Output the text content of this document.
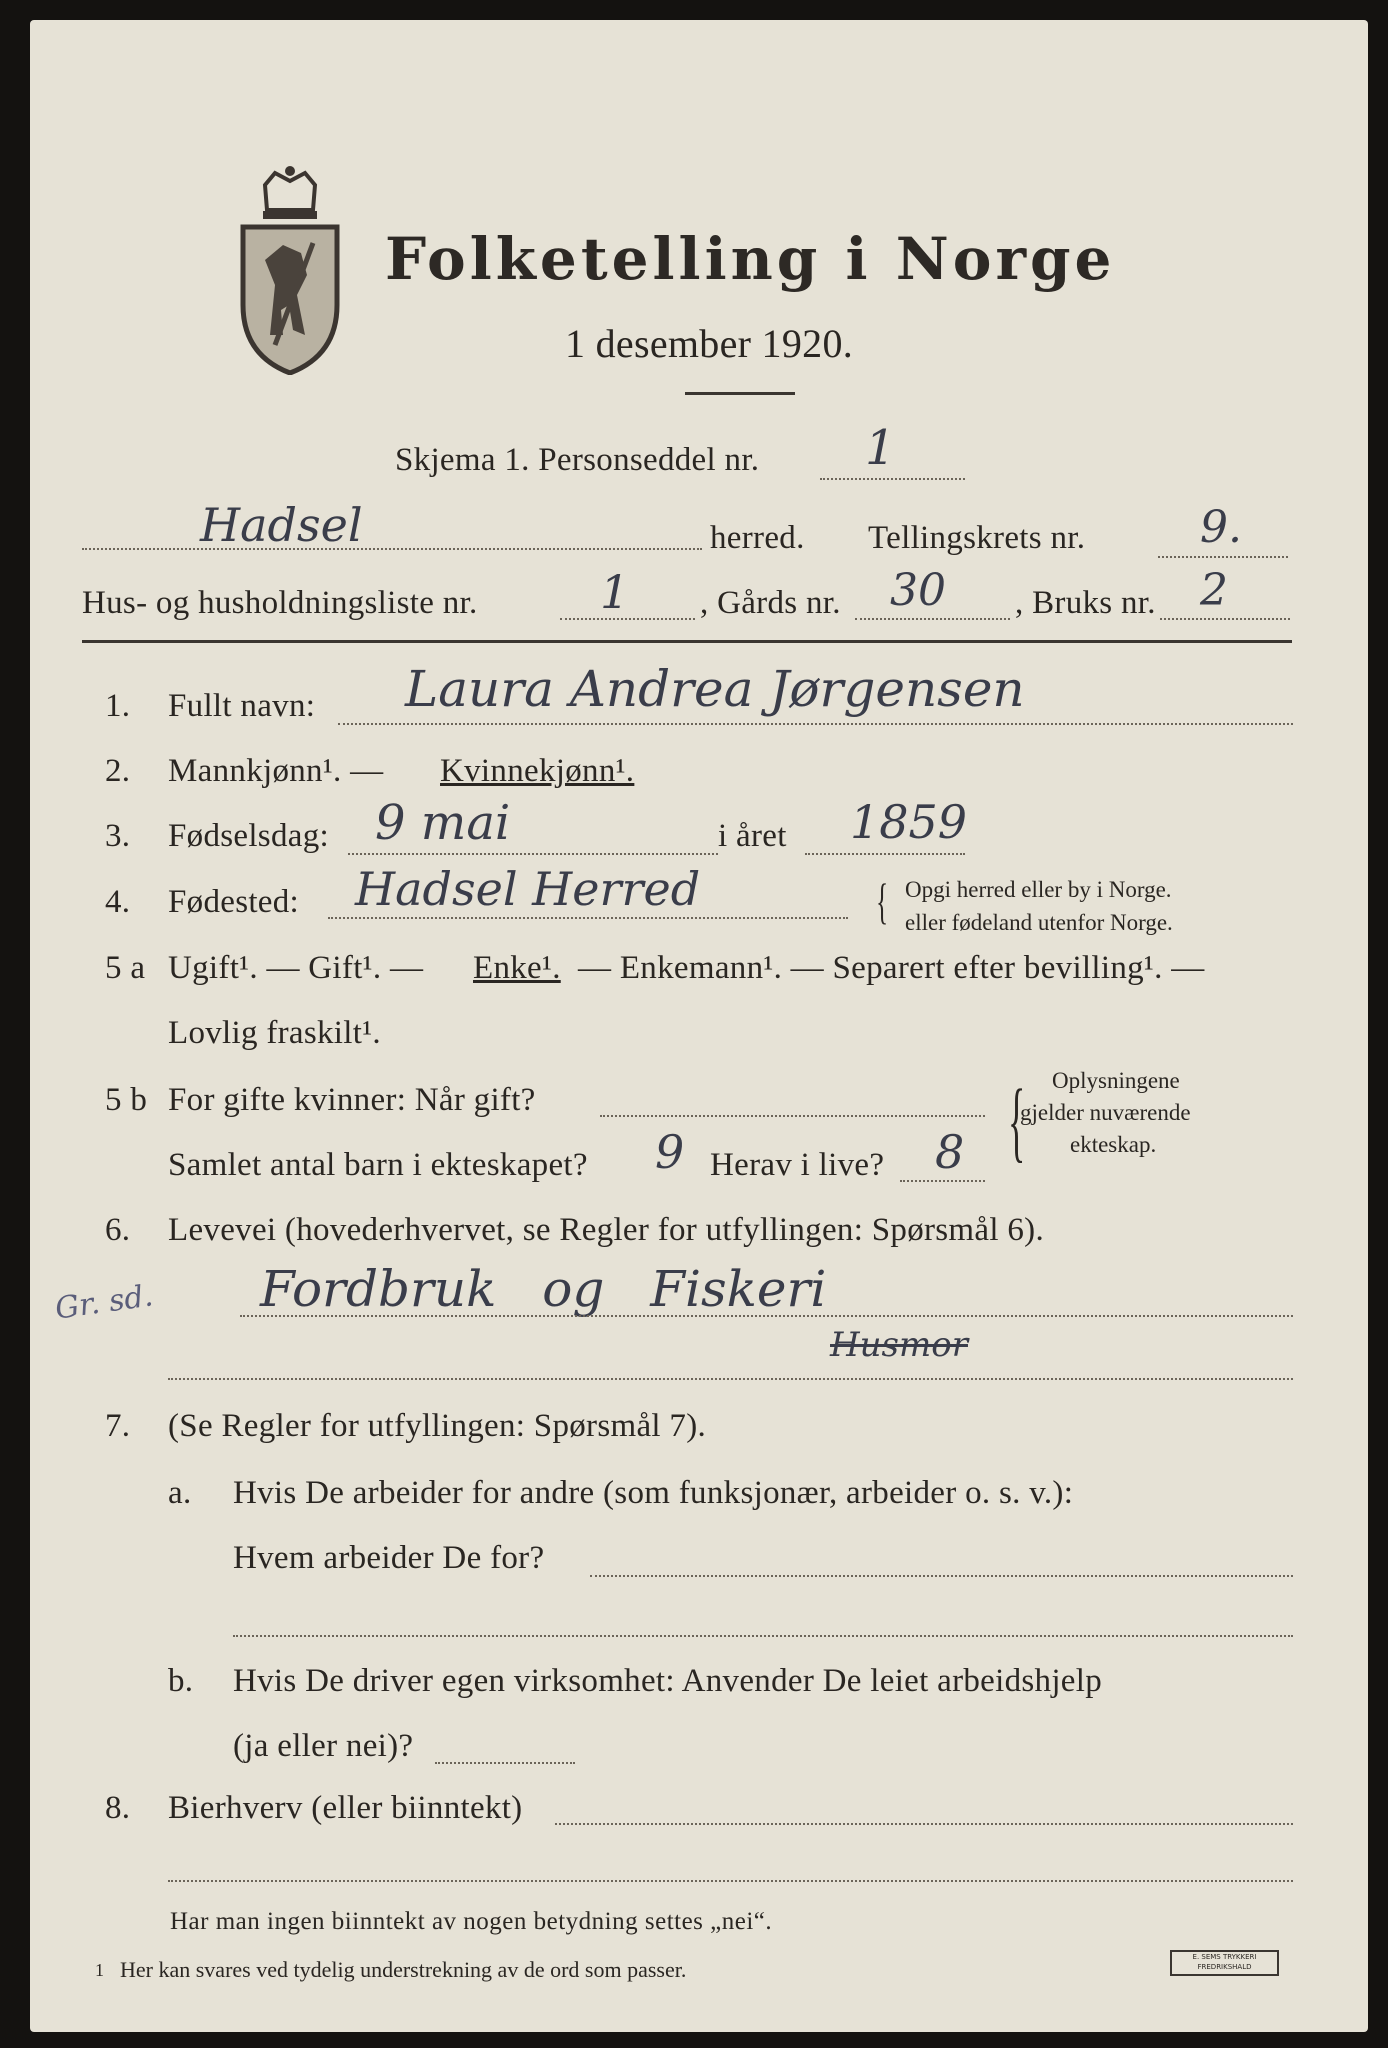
Folketelling i Norge
1 desember 1920.
Skjema 1. Personseddel nr. 1
Hadsel	herred. Tellingskrets nr.	9.
Hus- og husholdningsliste nr.	1 , Gårds nr. 30 , Bruks nr. 2
1.	Fullt navn: Laura Andrea Jørgensen
2.	Mannkjønn¹. — Kvinnekjønn¹.
3.	Fødselsdag: 9 mai	i året 1859
4.	Fødested: Hadsel Herred	{ Opgi herred eller by i Norge.
eller fødeland utenfor Norge.
5 a Ugift¹. — Gift¹. — Enke¹. — Enkemann¹. — Separert efter bevilling¹. —
Lovlig fraskilt¹.
5 b For gifte kvinner: Når gift?
Samlet antal barn i ekteskapet? 9 Herav i live? 8 { Oplysningene
gjelder nuværende
ekteskap.
6.	Levevei (hovederhvervet, se Regler for utfyllingen: Spørsmål 6).
Gr. sd. Fordbruk og Fiskeri
Husmor
7.	(Se Regler for utfyllingen: Spørsmål 7).
a. Hvis De arbeider for andre (som funksjonær, arbeider o. s. v.):
Hvem arbeider De for?
b. Hvis De driver egen virksomhet: Anvender De leiet arbeidshjelp
(ja eller nei)?
8.	Bierhverv (eller biinntekt)
Har man ingen biinntekt av nogen betydning settes „nei“.
1 Her kan svares ved tydelig understrekning av de ord som passer.	E. SEMS TRYKKERI FREDRIKSHALD
